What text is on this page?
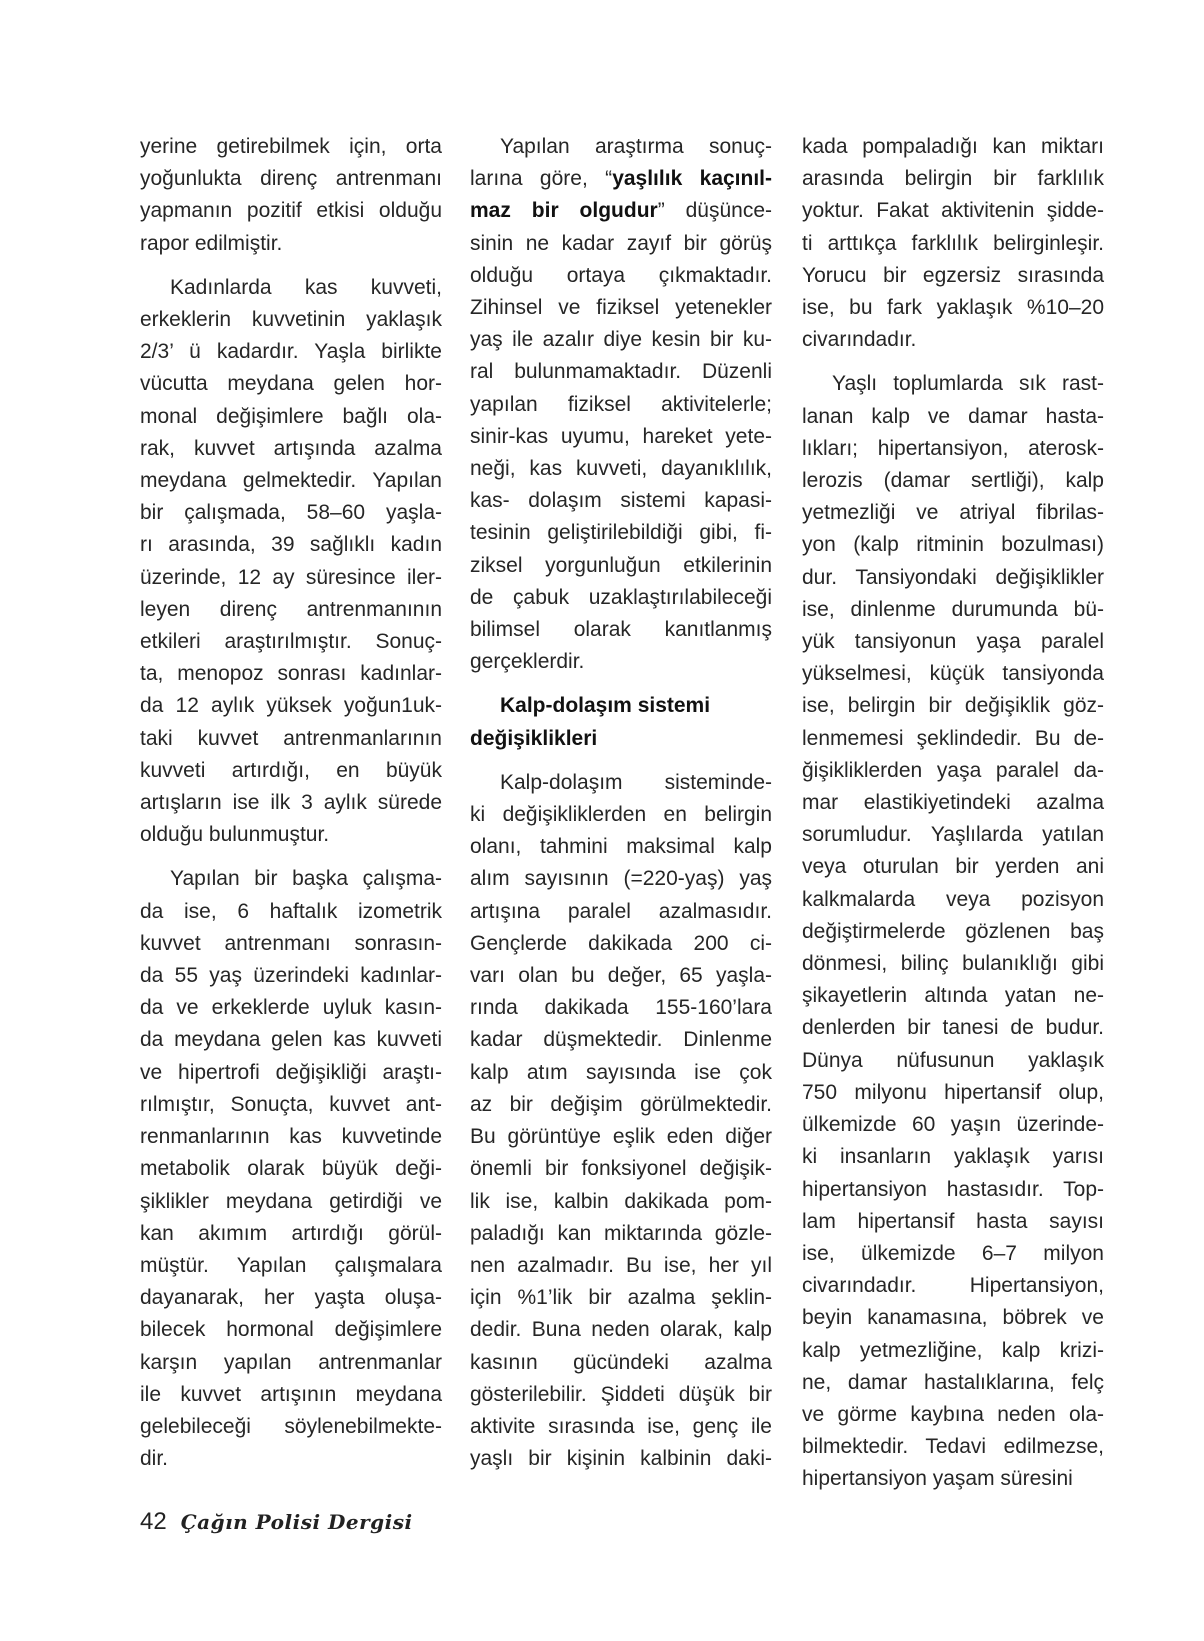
yerine getirebilmek için, orta
yoğunlukta direnç antrenmanı
yapmanın pozitif etkisi olduğu
rapor edilmiştir.

Kadınlarda kas kuvveti,
erkeklerin kuvvetinin yaklaşık
2/3’ ü kadardır. Yaşla birlikte
vücutta meydana gelen hor-
monal değişimlere bağlı ola-
rak, kuvvet artışında azalma
meydana gelmektedir. Yapılan
bir çalışmada, 58–60 yaşla-
rı arasında, 39 sağlıklı kadın
üzerinde, 12 ay süresince iler-
leyen direnç antrenmanının
etkileri araştırılmıştır. Sonuç-
ta, menopoz sonrası kadınlar-
da 12 aylık yüksek yoğun1uk-
taki kuvvet antrenmanlarının
kuvveti artırdığı, en büyük
artışların ise ilk 3 aylık sürede
olduğu bulunmuştur.

Yapılan bir başka çalışma-
da ise, 6 haftalık izometrik
kuvvet antrenmanı sonrasın-
da 55 yaş üzerindeki kadınlar-
da ve erkeklerde uyluk kasın-
da meydana gelen kas kuvveti
ve hipertrofi değişikliği araştı-
rılmıştır, Sonuçta, kuvvet ant-
renmanlarının kas kuvvetinde
metabolik olarak büyük deği-
şiklikler meydana getirdiği ve
kan akımım artırdığı görül-
müştür. Yapılan çalışmalara
dayanarak, her yaşta oluşa-
bilecek hormonal değişimlere
karşın yapılan antrenmanlar
ile kuvvet artışının meydana
gelebileceği söylenebilmekte-
dir.

Yapılan araştırma sonuç-
larına göre, “yaşlılık kaçınıl-
maz bir olgudur” düşünce-
sinin ne kadar zayıf bir görüş
olduğu ortaya çıkmaktadır.
Zihinsel ve fiziksel yetenekler
yaş ile azalır diye kesin bir ku-
ral bulunmamaktadır. Düzenli
yapılan fiziksel aktivitelerle;
sinir-kas uyumu, hareket yete-
neği, kas kuvveti, dayanıklılık,
kas- dolaşım sistemi kapasi-
tesinin geliştirilebildiği gibi, fi-
ziksel yorgunluğun etkilerinin
de çabuk uzaklaştırılabileceği
bilimsel olarak kanıtlanmış
gerçeklerdir.

Kalp-dolaşım sistemi
değişiklikleri

Kalp-dolaşım sisteminde-
ki değişikliklerden en belirgin
olanı, tahmini maksimal kalp
alım sayısının (=220-yaş) yaş
artışına paralel azalmasıdır.
Gençlerde dakikada 200 ci-
varı olan bu değer, 65 yaşla-
rında dakikada 155-160’lara
kadar düşmektedir. Dinlenme
kalp atım sayısında ise çok
az bir değişim görülmektedir.
Bu görüntüye eşlik eden diğer
önemli bir fonksiyonel değişik-
lik ise, kalbin dakikada pom-
paladığı kan miktarında gözle-
nen azalmadır. Bu ise, her yıl
için %1’lik bir azalma şeklin-
dedir. Buna neden olarak, kalp
kasının gücündeki azalma
gösterilebilir. Şiddeti düşük bir
aktivite sırasında ise, genç ile
yaşlı bir kişinin kalbinin daki-

kada pompaladığı kan miktarı
arasında belirgin bir farklılık
yoktur. Fakat aktivitenin şidde-
ti arttıkça farklılık belirginleşir.
Yorucu bir egzersiz sırasında
ise, bu fark yaklaşık %10–20
civarındadır.

Yaşlı toplumlarda sık rast-
lanan kalp ve damar hasta-
lıkları; hipertansiyon, aterosk-
lerozis (damar sertliği), kalp
yetmezliği ve atriyal fibrilas-
yon (kalp ritminin bozulması)
dur. Tansiyondaki değişiklikler
ise, dinlenme durumunda bü-
yük tansiyonun yaşa paralel
yükselmesi, küçük tansiyonda
ise, belirgin bir değişiklik göz-
lenmemesi şeklindedir. Bu de-
ğişikliklerden yaşa paralel da-
mar elastikiyetindeki azalma
sorumludur. Yaşlılarda yatılan
veya oturulan bir yerden ani
kalkmalarda veya pozisyon
değiştirmelerde gözlenen baş
dönmesi, bilinç bulanıklığı gibi
şikayetlerin altında yatan ne-
denlerden bir tanesi de budur.
Dünya nüfusunun yaklaşık
750 milyonu hipertansif olup,
ülkemizde 60 yaşın üzerinde-
ki insanların yaklaşık yarısı
hipertansiyon hastasıdır. Top-
lam hipertansif hasta sayısı
ise, ülkemizde 6–7 milyon
civarındadır. Hipertansiyon,
beyin kanamasına, böbrek ve
kalp yetmezliğine, kalp krizi-
ne, damar hastalıklarına, felç
ve görme kaybına neden ola-
bilmektedir. Tedavi edilmezse,
hipertansiyon yaşam süresini

42 Çağın Polisi Dergisi
